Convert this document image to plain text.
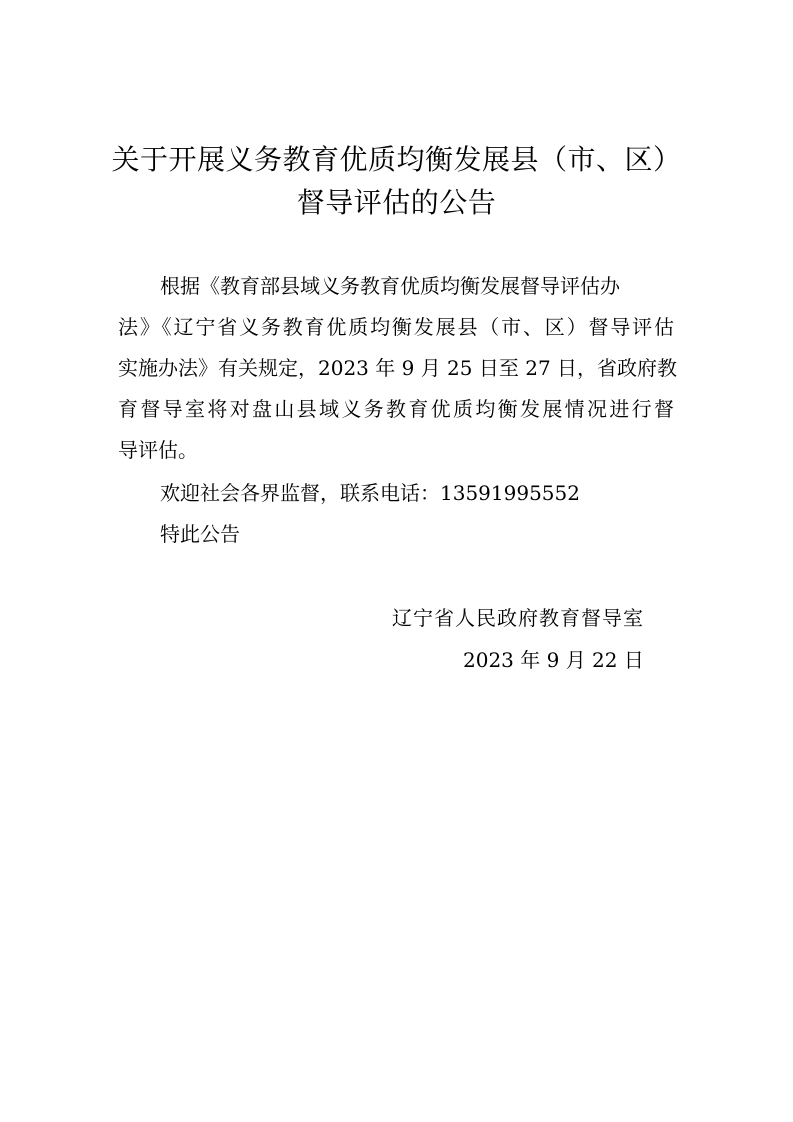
关于开展义务教育优质均衡发展县（市、区）
督导评估的公告
根据《教育部县域义务教育优质均衡发展督导评估办
法》《辽宁省义务教育优质均衡发展县（市、区）督导评估
实施办法》有关规定，2023 年 9 月 25 日至 27 日，省政府教
育督导室将对盘山县域义务教育优质均衡发展情况进行督
导评估。
欢迎社会各界监督，联系电话：13591995552
特此公告
辽宁省人民政府教育督导室
2023 年 9 月 22 日
